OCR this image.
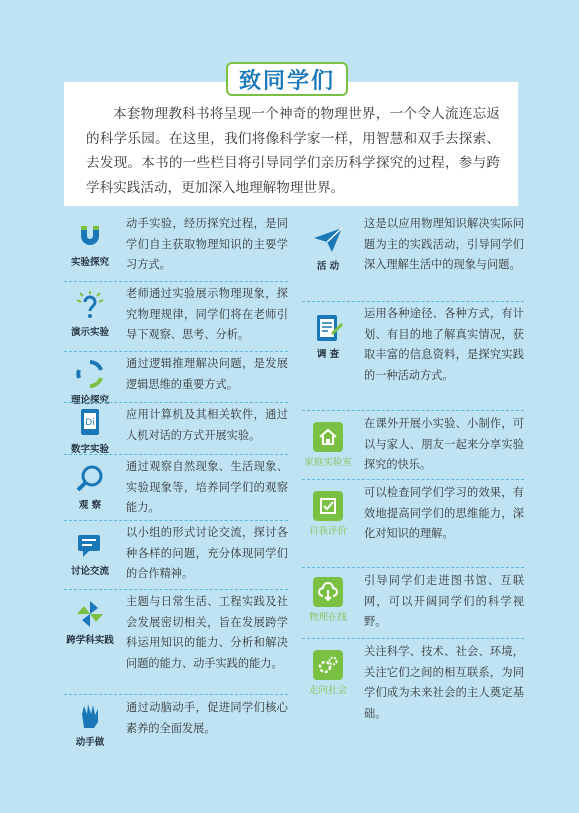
本套物理教科书将呈现一个神奇的物理世界，一个令人流连忘返的科学乐园。在这里，我们将像科学家一样，用智慧和双手去探索、去发现。本书的一些栏目将引导同学们亲历科学探究的过程，参与跨学科实践活动，更加深入地理解物理世界。

致同学们
实验探究
动手实验，经历探究过程，是同学们自主获取物理知识的主要学习方式。
演示实验
老师通过实验展示物理现象，探究物理规律，同学们将在老师引导下观察、思考、分析。
理论探究
通过逻辑推理解决问题，是发展逻辑思维的重要方式。
Di
数字实验
应用计算机及其相关软件，通过人机对话的方式开展实验。
观 察
通过观察自然现象、生活现象、实验现象等，培养同学们的观察能力。
讨论交流
以小组的形式讨论交流，探讨各种各样的问题，充分体现同学们的合作精神。
跨学科实践
主题与日常生活、工程实践及社会发展密切相关，旨在发展跨学科运用知识的能力、分析和解决问题的能力、动手实践的能力。
动手做
通过动脑动手，促进同学们核心素养的全面发展。
活 动
这是以应用物理知识解决实际问题为主的实践活动，引导同学们深入理解生活中的现象与问题。
调 查
运用各种途径、各种方式，有计划、有目的地了解真实情况，获取丰富的信息资料，是探究实践的一种活动方式。
家庭实验室
在课外开展小实验、小制作，可以与家人、朋友一起来分享实验探究的快乐。
自我评价
可以检查同学们学习的效果，有效地提高同学们的思维能力，深化对知识的理解。
物理在线
引导同学们走进图书馆、互联网，可以开阔同学们的科学视野。
走向社会
关注科学、技术、社会、环境，关注它们之间的相互联系，为同学们成为未来社会的主人奠定基础。
